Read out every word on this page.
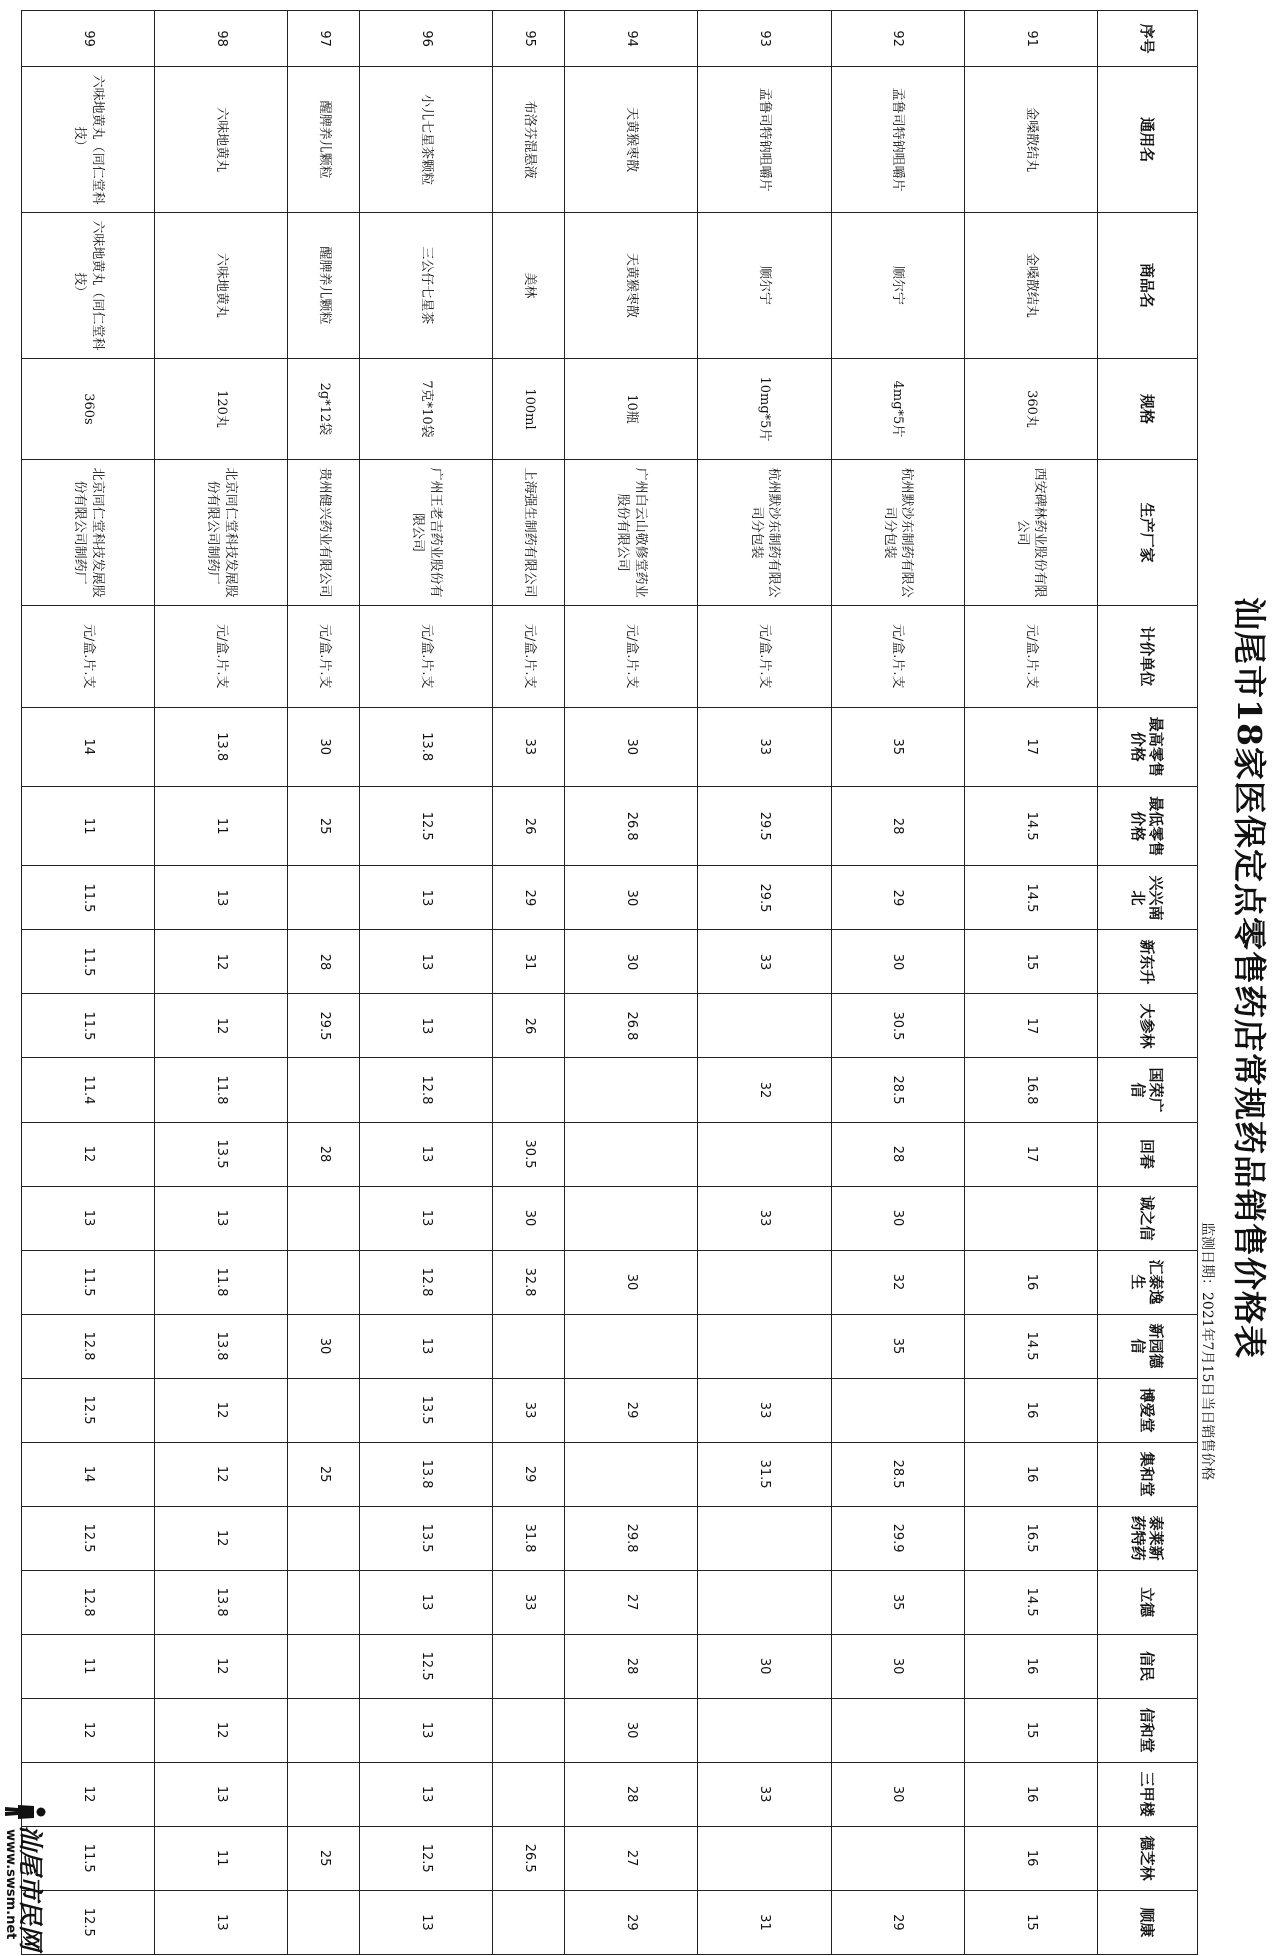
汕尾市18家医保定点零售药店常规药品销售价格表
监测日期：2021年7月15日当日销售价格
序号	通用名	商品名	规格	生产厂家	计价单位	最高零售价格	最低零售价格	兴兴南北	新东升	大参林	国荣广信	回春	诚之信	汇泰逸生	新园德信	博爱堂	集和堂	泰莱新药特药	立德	信民	信和堂	三甲楼	德芝林	顺康
91	金嗓散结丸	金嗓散结丸	360丸	西安碑林药业股份有限公司	元/盒.片.支	17	14.5	14.5	15	17	16.8	17		16	14.5	16	16	16.5	14.5	16	15	16	16	15
92	孟鲁司特钠咀嚼片	顺尔宁	4mg*5片	杭州默沙东制药有限公司分包装	元/盒.片.支	35	28	29	30	30.5	28.5	28	30	32	35		28.5	29.9	35	30		30		29
93	孟鲁司特钠咀嚼片	顺尔宁	10mg*5片	杭州默沙东制药有限公司分包装	元/盒.片.支	33	29.5	29.5	33		32		33			33	31.5			30		33		31
94	天黄猴枣散	天黄猴枣散	10瓶	广州白云山敬修堂药业股份有限公司	元/盒.片.支	30	26.8	30	30	26.8				30		29		29.8	27	28	30	28	27	29
95	布洛芬混悬液	美林	100ml	上海强生制药有限公司	元/盒.片.支	33	26	29	31	26		30.5	30	32.8		33	29	31.8	33				26.5	
96	小儿七星茶颗粒	三公仔七星茶	7克*10袋	广州王老吉药业股份有限公司	元/盒.片.支	13.8	12.5	13	13	13	12.8	13	13	12.8	13	13.5	13.8	13.5	13	12.5	13	13	12.5	13
97	醒脾养儿颗粒	醒脾养儿颗粒	2g*12袋	贵州健兴药业有限公司	元/盒.片.支	30	25		28	29.5		28			30		25						25	
98	六味地黄丸	六味地黄丸	120丸	北京同仁堂科技发展股份有限公司制药厂	元/盒.片.支	13.8	11	13	12	12	11.8	13.5	13	11.8	13.8	12	12	12	13.8	12	12	13	11	13
99	六味地黄丸（同仁堂科技）	六味地黄丸（同仁堂科技）	360s	北京同仁堂科技发展股份有限公司制药厂	元/盒.片.支	14	11	11.5	11.5	11.5	11.4	12	13	11.5	12.8	12.5	14	12.5	12.8	11	12	12	11.5	12.5
汕尾市民网
www.swsm.net
